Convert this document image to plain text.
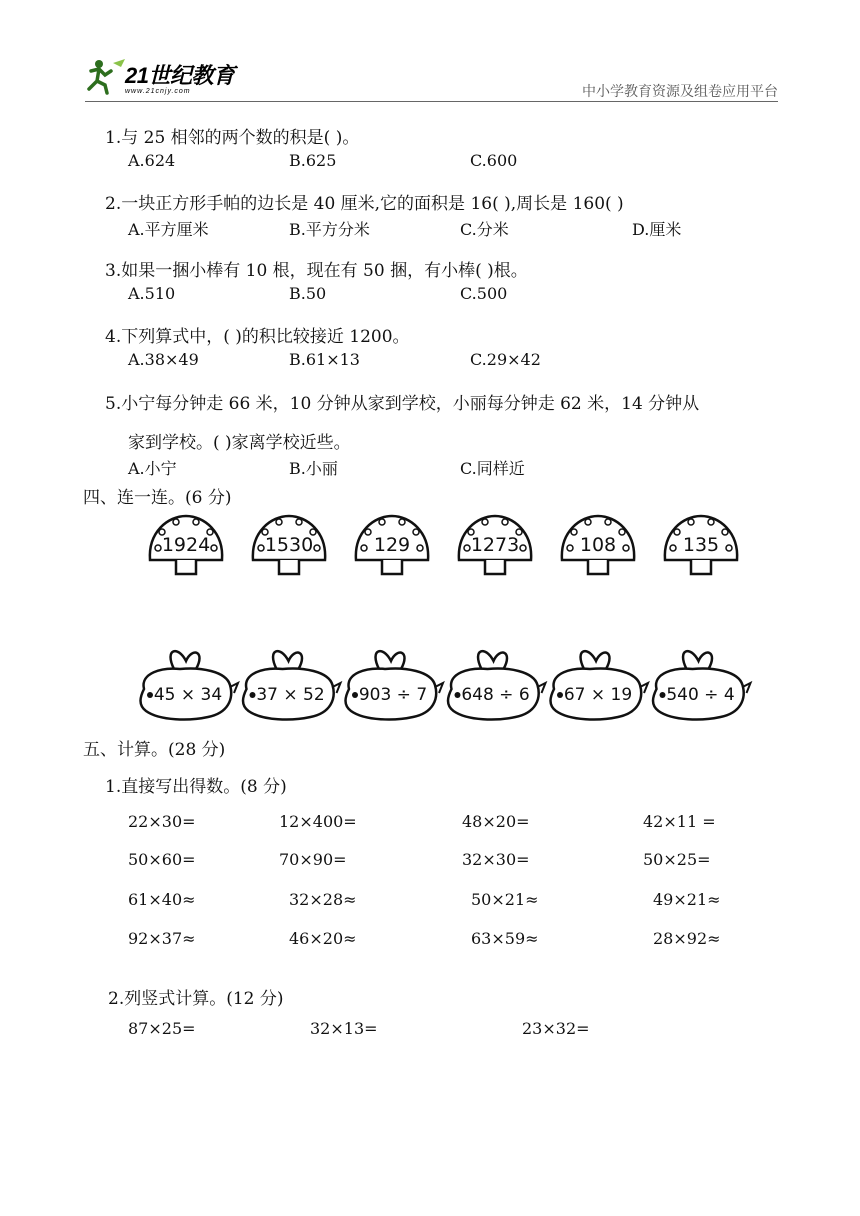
21世纪教育
www.21cnjy.com	中小学教育资源及组卷应用平台
1.与 25 相邻的两个数的积是( )。
A.624	B.625	C.600
2.一块正方形手帕的边长是 40 厘米,它的面积是 16( ),周长是 160( )
A.平方厘米	B.平方分米	C.分米	D.厘米
3.如果一捆小棒有 10 根，现在有 50 捆，有小棒( )根。
A.510	B.50	C.500
4.下列算式中，( )的积比较接近 1200。
A.38×49	B.61×13	C.29×42
5.小宁每分钟走 66 米，10 分钟从家到学校，小丽每分钟走 62 米，14 分钟从
家到学校。( )家离学校近些。
A.小宁	B.小丽	C.同样近
四、连一连。(6 分)
1924	1530	129	1273	108	135
45 × 34 37 × 52 903 ÷ 7 648 ÷ 6 67 × 19 540 ÷ 4
五、计算。(28 分)
1.直接写出得数。(8 分)
22×30=	12×400=	48×20=	42×11 =
50×60=	70×90=	32×30=	50×25=
61×40≈	32×28≈	50×21≈	49×21≈
92×37≈	46×20≈	63×59≈	28×92≈
2.列竖式计算。(12 分)
87×25=	32×13=	23×32=
